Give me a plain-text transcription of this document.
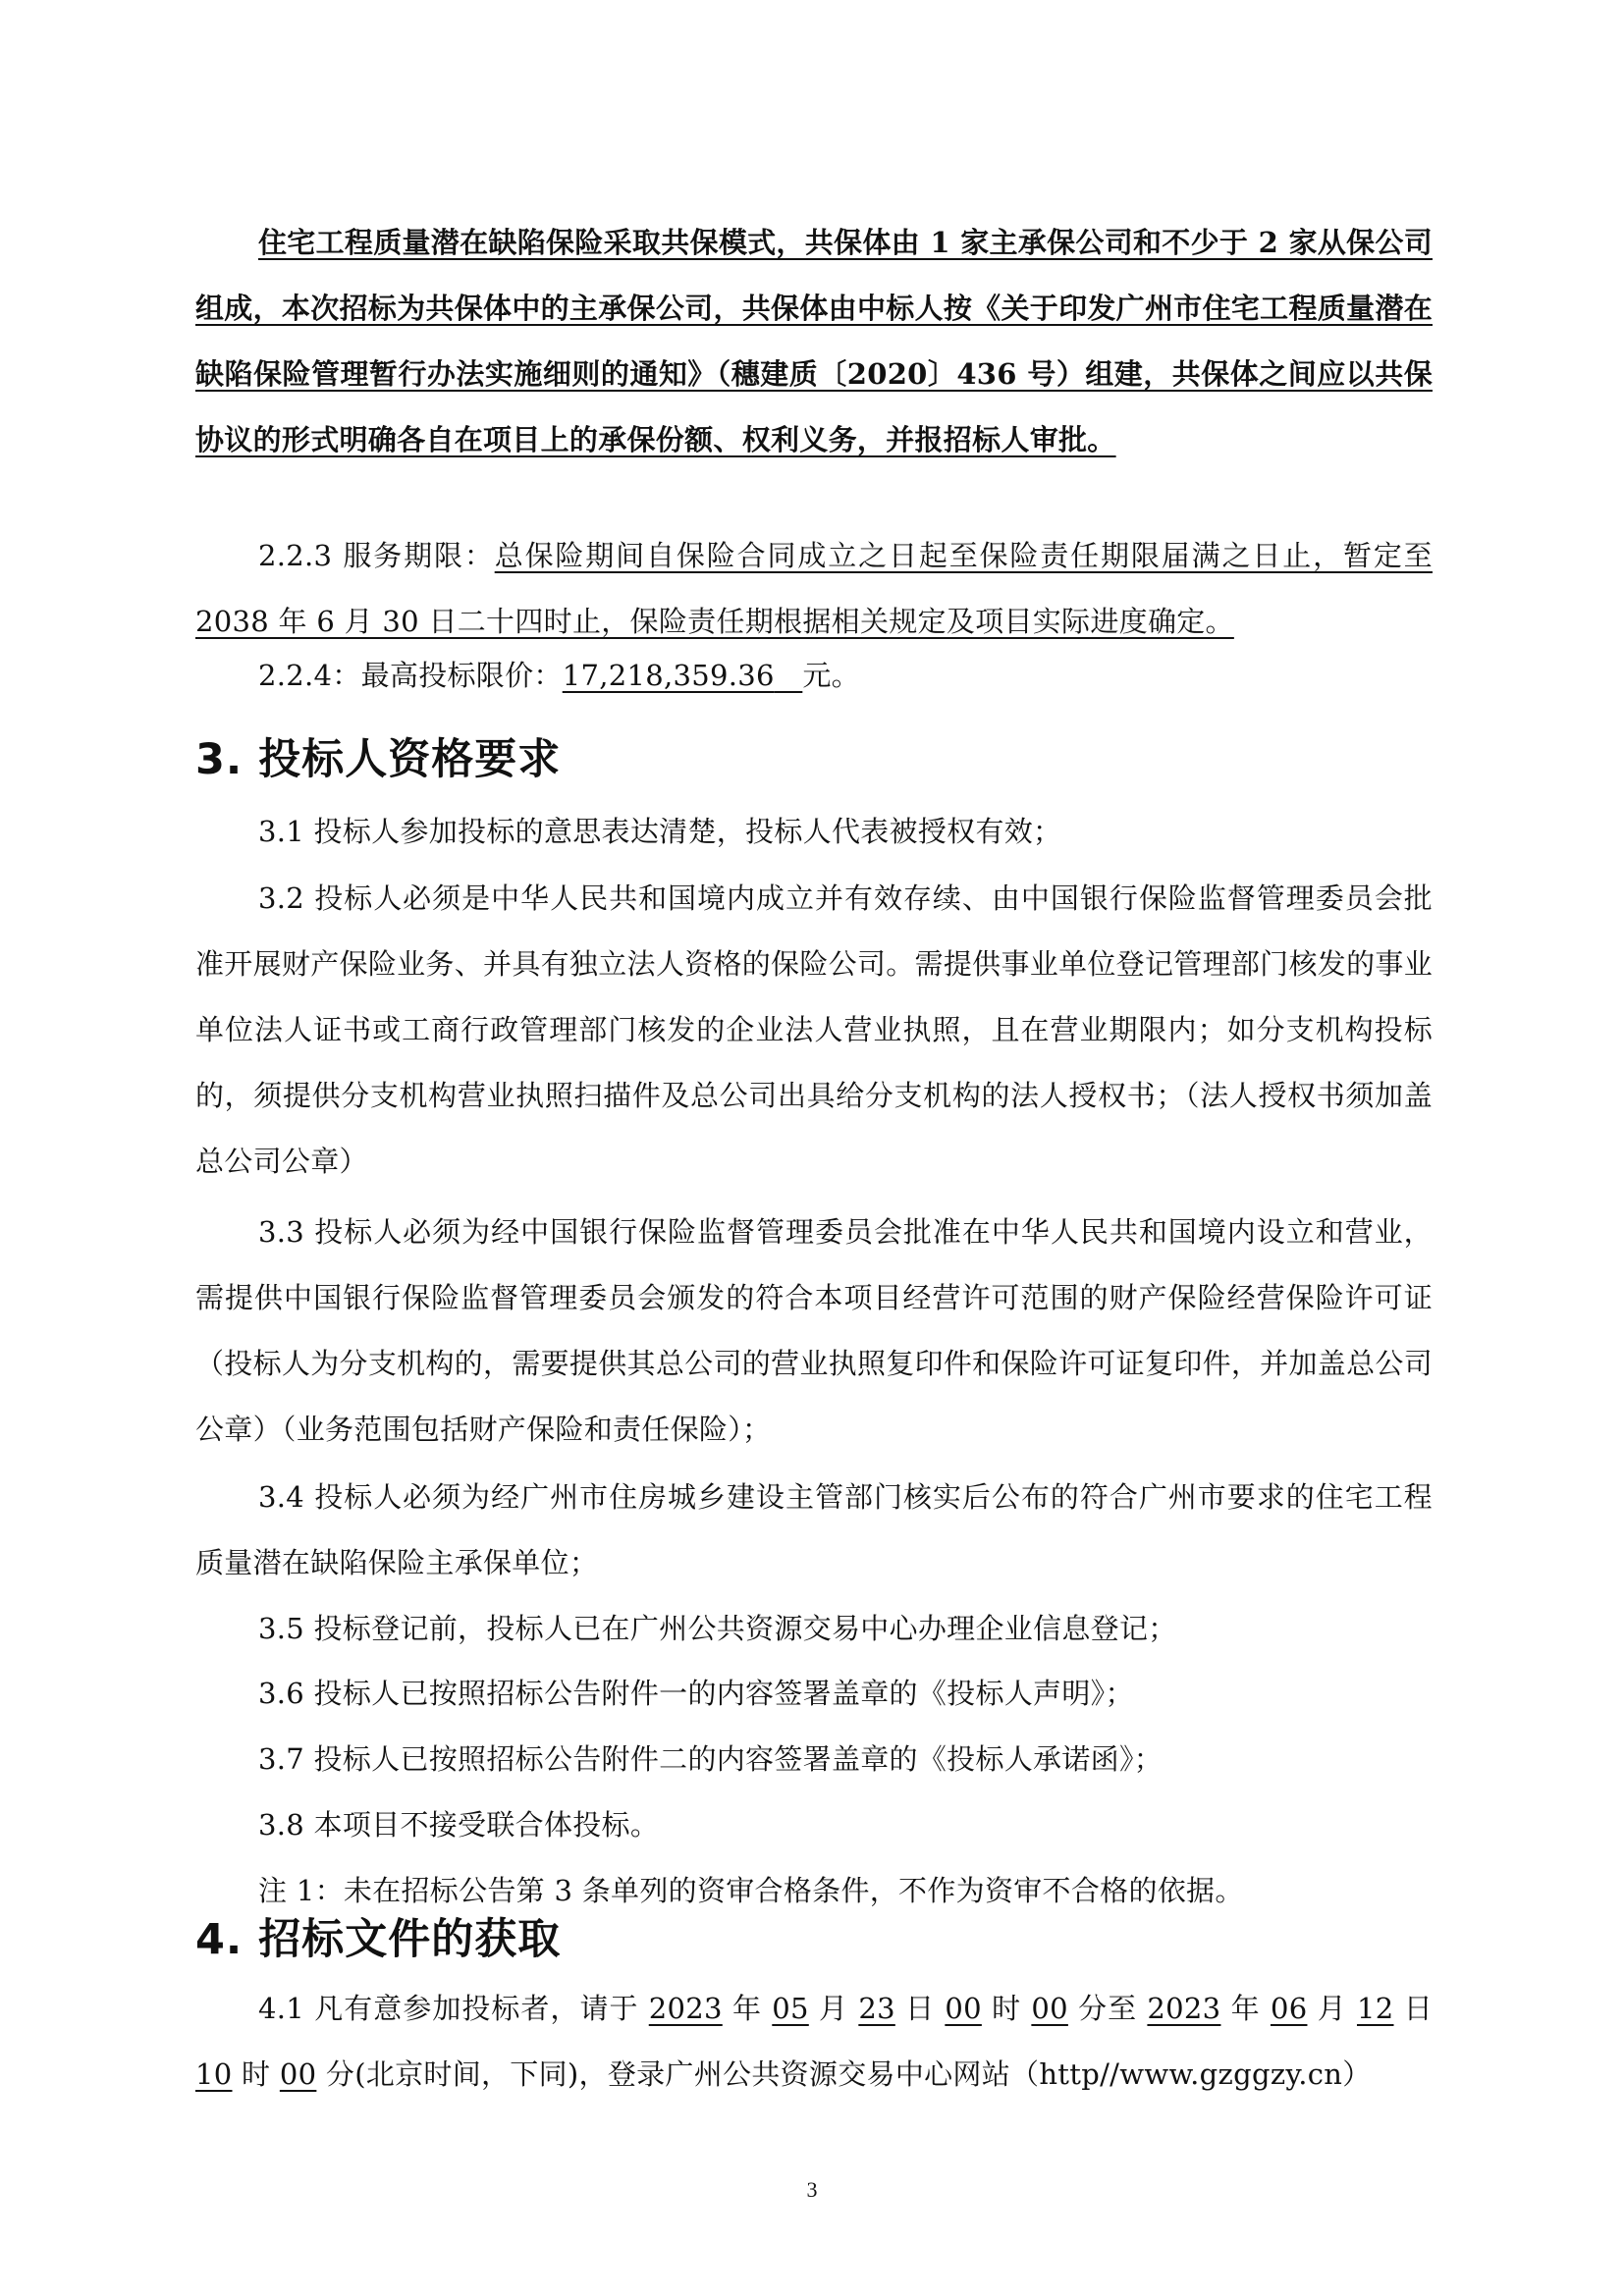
住宅工程质量潜在缺陷保险采取共保模式，共保体由 1 家主承保公司和不少于 2 家从保公司组成，本次招标为共保体中的主承保公司，共保体由中标人按《关于印发广州市住宅工程质量潜在缺陷保险管理暂行办法实施细则的通知》（穗建质〔2020〕436 号）组建，共保体之间应以共保协议的形式明确各自在项目上的承保份额、权利义务，并报招标人审批。

2.2.3 服务期限：总保险期间自保险合同成立之日起至保险责任期限届满之日止，暂定至 2038 年 6 月 30 日二十四时止，保险责任期根据相关规定及项目实际进度确定。

2.2.4：最高投标限价：17,218,359.36 元。

3. 投标人资格要求

3.1 投标人参加投标的意思表达清楚，投标人代表被授权有效；

3.2 投标人必须是中华人民共和国境内成立并有效存续、由中国银行保险监督管理委员会批准开展财产保险业务、并具有独立法人资格的保险公司。需提供事业单位登记管理部门核发的事业单位法人证书或工商行政管理部门核发的企业法人营业执照，且在营业期限内；如分支机构投标的，须提供分支机构营业执照扫描件及总公司出具给分支机构的法人授权书；（法人授权书须加盖总公司公章）

3.3 投标人必须为经中国银行保险监督管理委员会批准在中华人民共和国境内设立和营业，需提供中国银行保险监督管理委员会颁发的符合本项目经营许可范围的财产保险经营保险许可证（投标人为分支机构的，需要提供其总公司的营业执照复印件和保险许可证复印件，并加盖总公司公章）（业务范围包括财产保险和责任保险）；

3.4 投标人必须为经广州市住房城乡建设主管部门核实后公布的符合广州市要求的住宅工程质量潜在缺陷保险主承保单位；

3.5 投标登记前，投标人已在广州公共资源交易中心办理企业信息登记；

3.6 投标人已按照招标公告附件一的内容签署盖章的《投标人声明》；

3.7 投标人已按照招标公告附件二的内容签署盖章的《投标人承诺函》；

3.8 本项目不接受联合体投标。

注 1：未在招标公告第 3 条单列的资审合格条件，不作为资审不合格的依据。

4. 招标文件的获取

4.1 凡有意参加投标者，请于 2023 年 05 月 23 日 00 时 00 分至 2023 年 06 月 12 日10 时 00 分(北京时间，下同)，登录广州公共资源交易中心网站（http//www.gzggzy.cn）

3
